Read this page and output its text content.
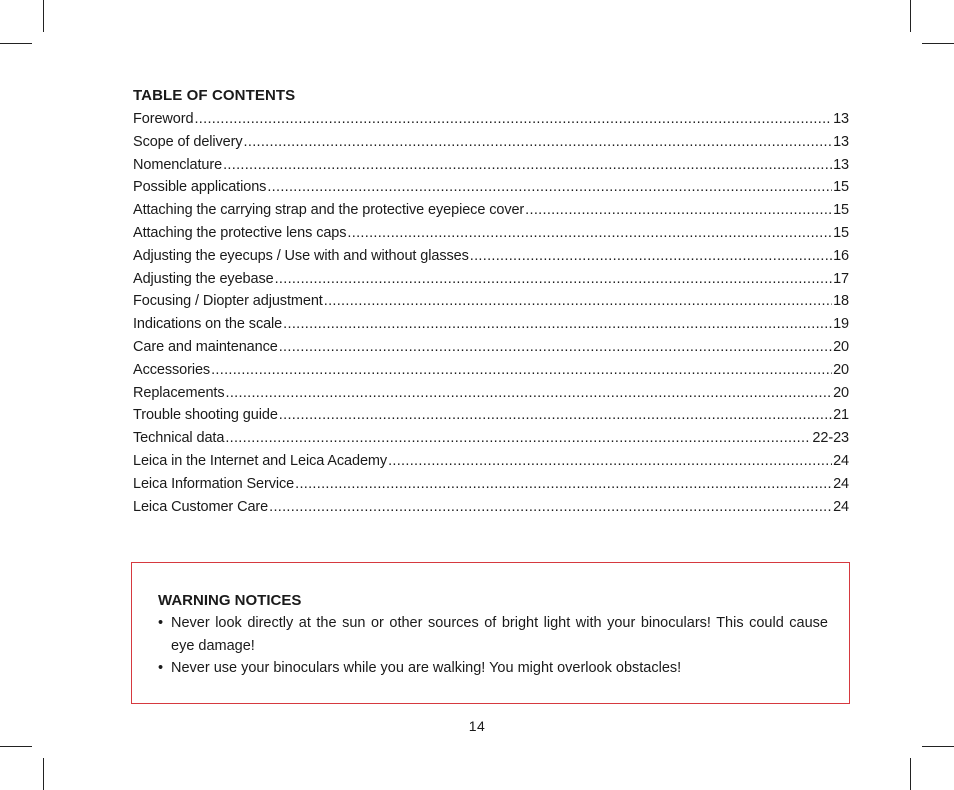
TABLE OF CONTENTS
Foreword .....	13
Scope of delivery .....	13
Nomenclature .....	13
Possible applications .....	15
Attaching the carrying strap and the protective eyepiece cover .....	15
Attaching the protective lens caps .....	15
Adjusting the eyecups / Use with and without glasses .....	16
Adjusting the eyebase .....	17
Focusing / Diopter adjustment .....	18
Indications on the scale .....	19
Care and maintenance .....	20
Accessories .....	20
Replacements .....	20
Trouble shooting guide .....	21
Technical data .....	22-23
Leica in the Internet and Leica Academy .....	24
Leica Information Service .....	24
Leica Customer Care .....	24
WARNING NOTICES
• Never look directly at the sun or other sources of bright light with your binoculars! This could cause eye damage!
• Never use your binoculars while you are walking! You might overlook obstacles!
14
